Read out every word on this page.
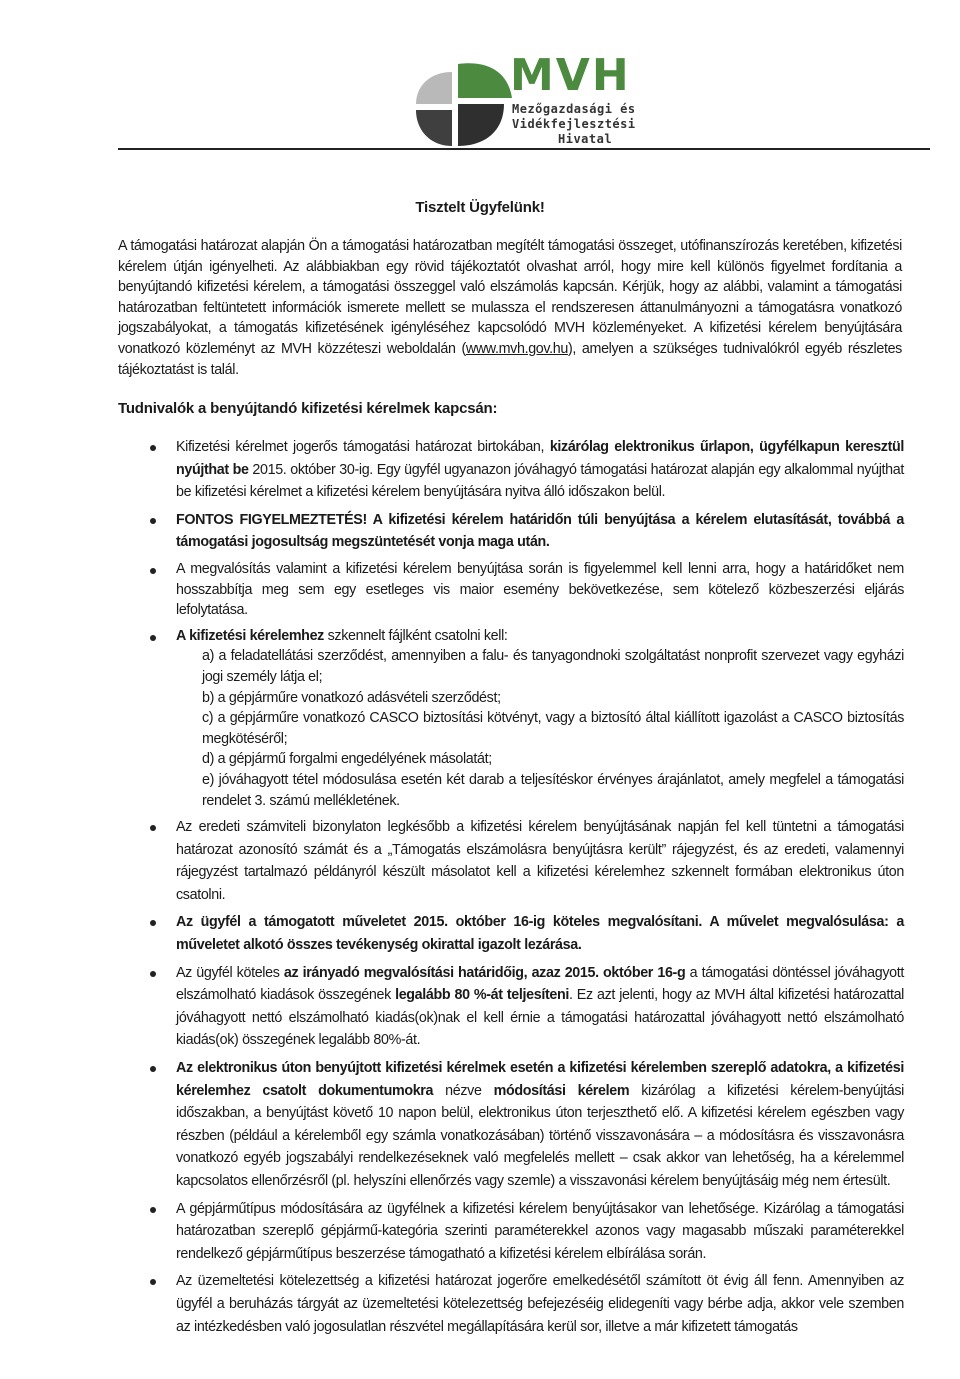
MVH
Mezőgazdasági és
Vidékfejlesztési
Hivatal
Tisztelt Ügyfelünk!
A támogatási határozat alapján Ön a támogatási határozatban megítélt támogatási összeget, utófinanszírozás keretében, kifizetési kérelem útján igényelheti. Az alábbiakban egy rövid tájékoztatót olvashat arról, hogy mire kell különös figyelmet fordítania a benyújtandó kifizetési kérelem, a támogatási összeggel való elszámolás kapcsán. Kérjük, hogy az alábbi, valamint a támogatási határozatban feltüntetett információk ismerete mellett se mulassza el rendszeresen áttanulmányozni a támogatásra vonatkozó jogszabályokat, a támogatás kifizetésének igényléséhez kapcsolódó MVH közleményeket. A kifizetési kérelem benyújtására vonatkozó közleményt az MVH közzéteszi weboldalán (www.mvh.gov.hu), amelyen a szükséges tudnivalókról egyéb részletes tájékoztatást is talál.
Tudnivalók a benyújtandó kifizetési kérelmek kapcsán:
Kifizetési kérelmet jogerős támogatási határozat birtokában, kizárólag elektronikus űrlapon, ügyfélkapun keresztül nyújthat be 2015. október 30-ig. Egy ügyfél ugyanazon jóváhagyó támogatási határozat alapján egy alkalommal nyújthat be kifizetési kérelmet a kifizetési kérelem benyújtására nyitva álló időszakon belül.
FONTOS FIGYELMEZTETÉS! A kifizetési kérelem határidőn túli benyújtása a kérelem elutasítását, továbbá a támogatási jogosultság megszüntetését vonja maga után.
A megvalósítás valamint a kifizetési kérelem benyújtása során is figyelemmel kell lenni arra, hogy a határidőket nem hosszabbítja meg sem egy esetleges vis maior esemény bekövetkezése, sem kötelező közbeszerzési eljárás lefolytatása.
A kifizetési kérelemhez szkennelt fájlként csatolni kell:
a) a feladatellátási szerződést, amennyiben a falu- és tanyagondnoki szolgáltatást nonprofit szervezet vagy egyházi jogi személy látja el;
b) a gépjárműre vonatkozó adásvételi szerződést;
c) a gépjárműre vonatkozó CASCO biztosítási kötvényt, vagy a biztosító által kiállított igazolást a CASCO biztosítás megkötéséről;
d) a gépjármű forgalmi engedélyének másolatát;
e) jóváhagyott tétel módosulása esetén két darab a teljesítéskor érvényes árajánlatot, amely megfelel a támogatási rendelet 3. számú mellékletének.
Az eredeti számviteli bizonylaton legkésőbb a kifizetési kérelem benyújtásának napján fel kell tüntetni a támogatási határozat azonosító számát és a „Támogatás elszámolásra benyújtásra került” rájegyzést, és az eredeti, valamennyi rájegyzést tartalmazó példányról készült másolatot kell a kifizetési kérelemhez szkennelt formában elektronikus úton csatolni.
Az ügyfél a támogatott műveletet 2015. október 16-ig köteles megvalósítani. A művelet megvalósulása: a műveletet alkotó összes tevékenység okirattal igazolt lezárása.
Az ügyfél köteles az irányadó megvalósítási határidőig, azaz 2015. október 16-g a támogatási döntéssel jóváhagyott elszámolható kiadások összegének legalább 80 %-át teljesíteni. Ez azt jelenti, hogy az MVH által kifizetési határozattal jóváhagyott nettó elszámolható kiadás(ok)nak el kell érnie a támogatási határozattal jóváhagyott nettó elszámolható kiadás(ok) összegének legalább 80%-át.
Az elektronikus úton benyújtott kifizetési kérelmek esetén a kifizetési kérelemben szereplő adatokra, a kifizetési kérelemhez csatolt dokumentumokra nézve módosítási kérelem kizárólag a kifizetési kérelem-benyújtási időszakban, a benyújtást követő 10 napon belül, elektronikus úton terjeszthető elő. A kifizetési kérelem egészben vagy részben (például a kérelemből egy számla vonatkozásában) történő visszavonására – a módosításra és visszavonásra vonatkozó egyéb jogszabályi rendelkezéseknek való megfelelés mellett – csak akkor van lehetőség, ha a kérelemmel kapcsolatos ellenőrzésről (pl. helyszíni ellenőrzés vagy szemle) a visszavonási kérelem benyújtásáig még nem értesült.
A gépjárműtípus módosítására az ügyfélnek a kifizetési kérelem benyújtásakor van lehetősége. Kizárólag a támogatási határozatban szereplő gépjármű-kategória szerinti paraméterekkel azonos vagy magasabb műszaki paraméterekkel rendelkező gépjárműtípus beszerzése támogatható a kifizetési kérelem elbírálása során.
Az üzemeltetési kötelezettség a kifizetési határozat jogerőre emelkedésétől számított öt évig áll fenn. Amennyiben az ügyfél a beruházás tárgyát az üzemeltetési kötelezettség befejezéséig elidegeníti vagy bérbe adja, akkor vele szemben az intézkedésben való jogosulatlan részvétel megállapítására kerül sor, illetve a már kifizetett támogatás
